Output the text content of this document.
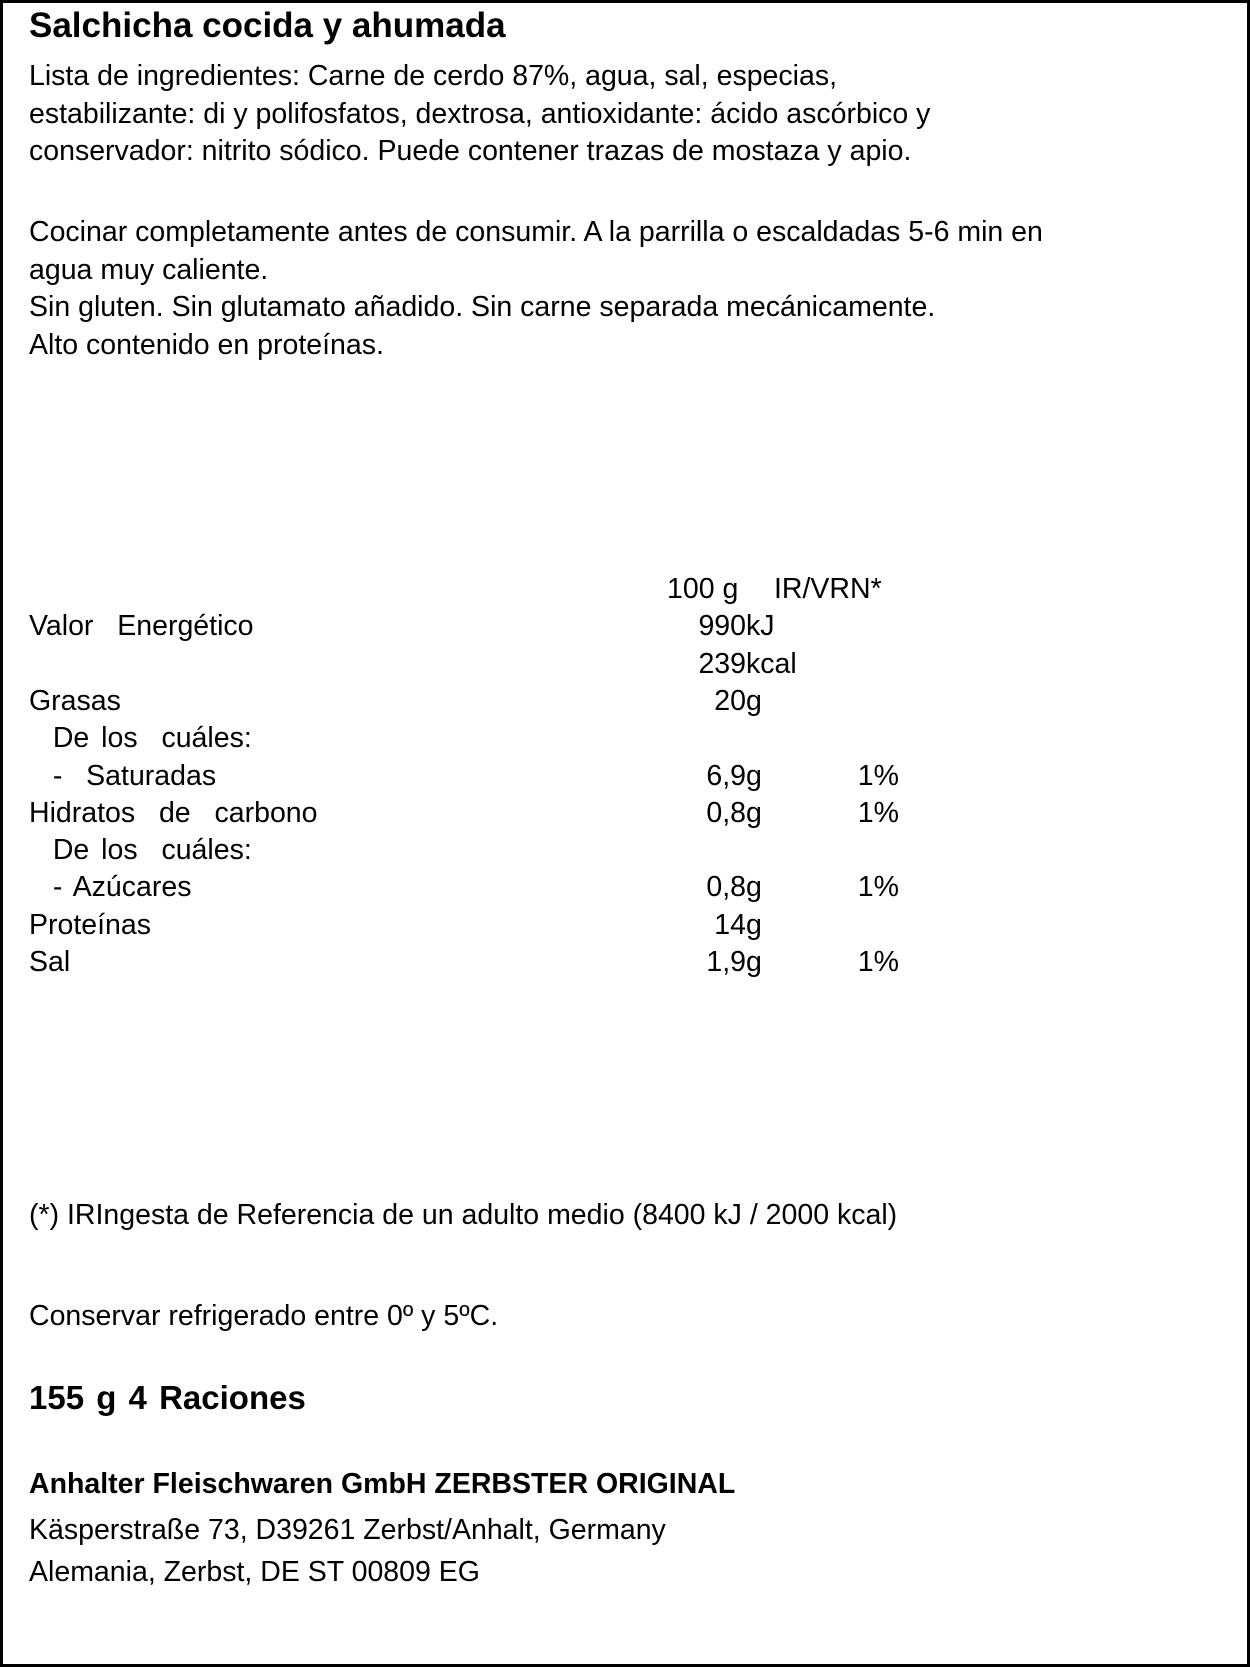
Salchicha cocida y ahumada
Lista de ingredientes: Carne de cerdo 87%, agua, sal, especias,
estabilizante: di y polifosfatos, dextrosa, antioxidante: ácido ascórbico y
conservador: nitrito sódico. Puede contener trazas de mostaza y apio.
Cocinar completamente antes de consumir. A la parrilla o escaldadas 5-6 min en
agua muy caliente.
Sin gluten. Sin glutamato añadido. Sin carne separada mecánicamente.
Alto contenido en proteínas.
100 g IR/VRN*
Valor  Energético	990 kJ
239 kcal
Grasas	20 g
De los  cuáles:
-  Saturadas	6,9 g	1%
Hidratos  de  carbono	0,8 g	1%
De los  cuáles:
- Azúcares	0,8 g	1%
Proteínas	14 g
Sal	1,9 g	1%
(*) IRIngesta de Referencia de un adulto medio (8400 kJ / 2000 kcal)
Conservar refrigerado entre 0º y 5ºC.
155 g 4 Raciones
Anhalter Fleischwaren GmbH ZERBSTER ORIGINAL
Käsperstraße 73, D39261 Zerbst/Anhalt, Germany
Alemania, Zerbst, DE ST 00809 EG
